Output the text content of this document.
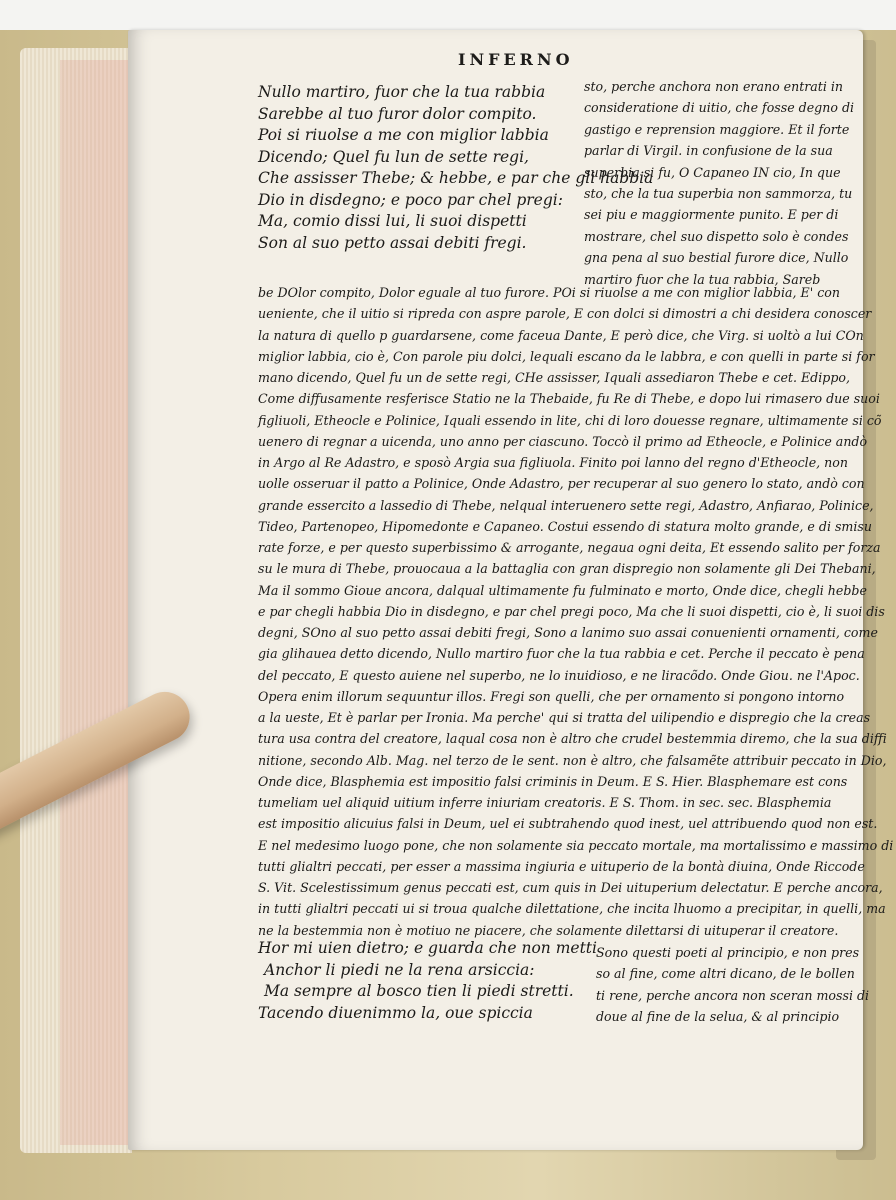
INFERNO
Nullo martiro, fuor che la tua rabbia
Sarebbe al tuo furor dolor compito.
Poi si riuolse a me con miglior labbia
Dicendo; Quel fu lun de sette regi,
Che assisser Thebe; & hebbe, e par che gli habbia
Dio in disdegno; e poco par chel pregi:
Ma, comio dissi lui, li suoi dispetti
Son al suo petto assai debiti fregi.
sto, perche anchora non erano entrati in
consideratione di uitio, che fosse degno di
gastigo e reprension maggiore. Et il forte
parlar di Virgil. in confusione de la sua
superbia si fu, O Capaneo IN cio, In que
sto, che la tua superbia non sammorza, tu
sei piu e maggiormente punito. E per di
mostrare, chel suo dispetto solo è condes
gna pena al suo bestial furore dice, Nullo
martiro fuor che la tua rabbia, Sareb
be DOlor compito, Dolor eguale al tuo furore. POi si riuolse a me con miglior labbia, E' con
ueniente, che il uitio si ripreda con aspre parole, E con dolci si dimostri a chi desidera conoscer
la natura di quello p guardarsene, come faceua Dante, E però dice, che Virg. si uoltò a lui COn
miglior labbia, cio è, Con parole piu dolci, lequali escano da le labbra, e con quelli in parte si for
mano dicendo, Quel fu un de sette regi, CHe assisser, Iquali assediaron Thebe e cet. Edippo,
Come diffusamente resferisce Statio ne la Thebaide, fu Re di Thebe, e dopo lui rimasero due suoi
figliuoli, Etheocle e Polinice, Iquali essendo in lite, chi di loro douesse regnare, ultimamente si cõ
uenero di regnar a uicenda, uno anno per ciascuno. Toccò il primo ad Etheocle, e Polinice andò
in Argo al Re Adastro, e sposò Argia sua figliuola. Finito poi lanno del regno d'Etheocle, non
uolle osseruar il patto a Polinice, Onde Adastro, per recuperar al suo genero lo stato, andò con
grande essercito a lassedio di Thebe, nelqual interuenero sette regi, Adastro, Anfiarao, Polinice,
Tideo, Partenopeo, Hipomedonte e Capaneo. Costui essendo di statura molto grande, e di smisu
rate forze, e per questo superbissimo & arrogante, negaua ogni deita, Et essendo salito per forza
su le mura di Thebe, prouocaua a la battaglia con gran dispregio non solamente gli Dei Thebani,
Ma il sommo Gioue ancora, dalqual ultimamente fu fulminato e morto, Onde dice, chegli hebbe
e par chegli habbia Dio in disdegno, e par chel pregi poco, Ma che li suoi dispetti, cio è, li suoi dis
degni, SOno al suo petto assai debiti fregi, Sono a lanimo suo assai conuenienti ornamenti, come
gia glihauea detto dicendo, Nullo martiro fuor che la tua rabbia e cet. Perche il peccato è pena
del peccato, E questo auiene nel superbo, ne lo inuidioso, e ne liracõdo. Onde Giou. ne l'Apoc.
Opera enim illorum sequuntur illos. Fregi son quelli, che per ornamento si pongono intorno
a la ueste, Et è parlar per Ironia. Ma perche' qui si tratta del uilipendio e dispregio che la creas
tura usa contra del creatore, laqual cosa non è altro che crudel bestemmia diremo, che la sua diffi
nitione, secondo Alb. Mag. nel terzo de le sent. non è altro, che falsamẽte attribuir peccato in Dio,
Onde dice, Blasphemia est impositio falsi criminis in Deum. E S. Hier. Blasphemare est cons
tumeliam uel aliquid uitium inferre iniuriam creatoris. E S. Thom. in sec. sec. Blasphemia
est impositio alicuius falsi in Deum, uel ei subtrahendo quod inest, uel attribuendo quod non est.
E nel medesimo luogo pone, che non solamente sia peccato mortale, ma mortalissimo e massimo di
tutti glialtri peccati, per esser a massima ingiuria e uituperio de la bontà diuina, Onde Riccode
S. Vit. Scelestissimum genus peccati est, cum quis in Dei uituperium delectatur. E perche ancora,
in tutti glialtri peccati ui si troua qualche dilettatione, che incita lhuomo a precipitar, in quelli, ma
ne la bestemmia non è motiuo ne piacere, che solamente dilettarsi di uituperar il creatore.
Hor mi uien dietro; e guarda che non metti
Anchor li piedi ne la rena arsiccia:
Ma sempre al bosco tien li piedi stretti.
Tacendo diuenimmo la, oue spiccia
Sono questi poeti al principio, e non pres
so al fine, come altri dicano, de le bollen
ti rene, perche ancora non sceran mossi di
doue al fine de la selua, & al principio
